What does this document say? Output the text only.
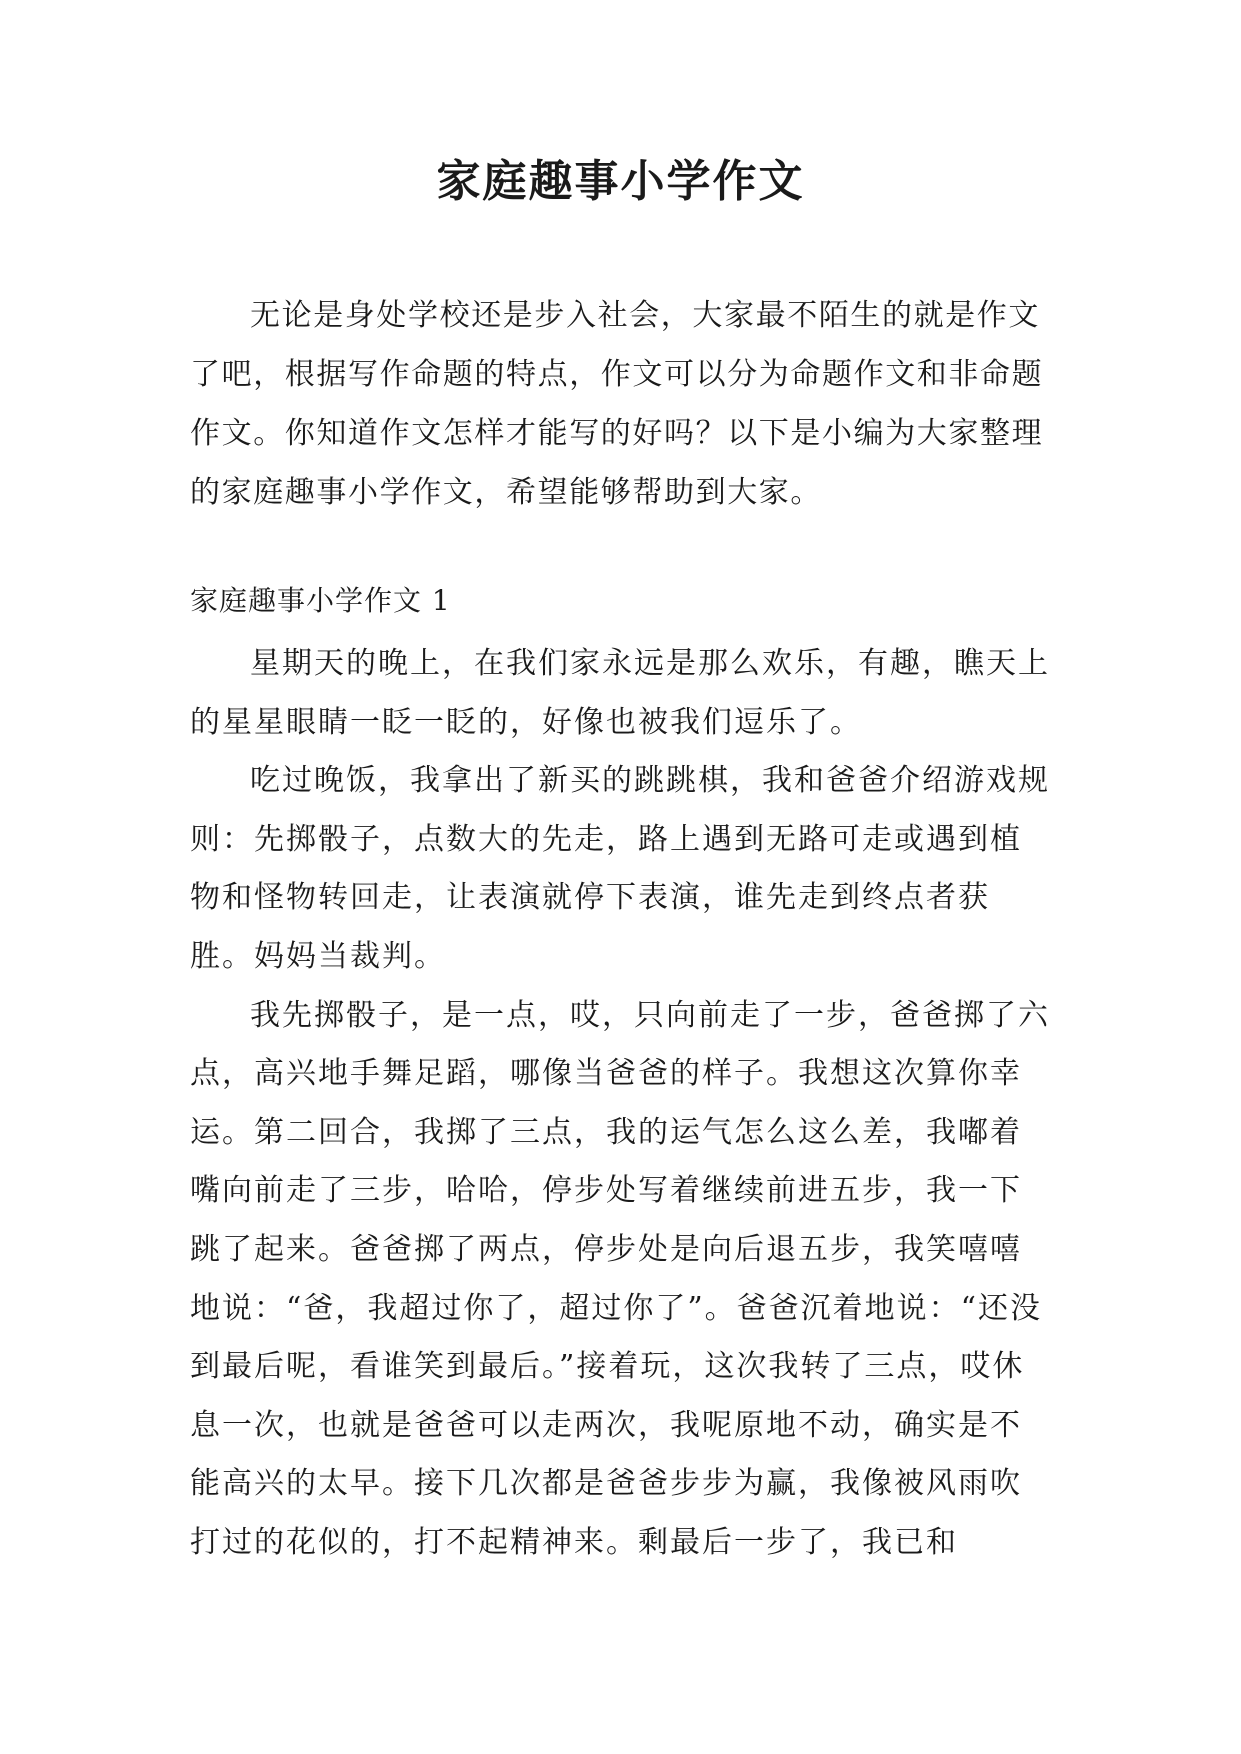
家庭趣事小学作文

无论是身处学校还是步入社会，大家最不陌生的就是作文了吧，根据写作命题的特点，作文可以分为命题作文和非命题作文。你知道作文怎样才能写的好吗？以下是小编为大家整理的家庭趣事小学作文，希望能够帮助到大家。

家庭趣事小学作文 1

星期天的晚上，在我们家永远是那么欢乐，有趣，瞧天上的星星眼睛一眨一眨的，好像也被我们逗乐了。

吃过晚饭，我拿出了新买的跳跳棋，我和爸爸介绍游戏规则：先掷骰子，点数大的先走，路上遇到无路可走或遇到植物和怪物转回走，让表演就停下表演，谁先走到终点者获胜。妈妈当裁判。

我先掷骰子，是一点，哎，只向前走了一步，爸爸掷了六点，高兴地手舞足蹈，哪像当爸爸的样子。我想这次算你幸运。第二回合，我掷了三点，我的运气怎么这么差，我嘟着嘴向前走了三步，哈哈，停步处写着继续前进五步，我一下跳了起来。爸爸掷了两点，停步处是向后退五步，我笑嘻嘻地说：“爸，我超过你了，超过你了”。爸爸沉着地说：“还没到最后呢，看谁笑到最后。”接着玩，这次我转了三点，哎休息一次，也就是爸爸可以走两次，我呢原地不动，确实是不能高兴的太早。接下几次都是爸爸步步为赢，我像被风雨吹打过的花似的，打不起精神来。剩最后一步了，我已和
